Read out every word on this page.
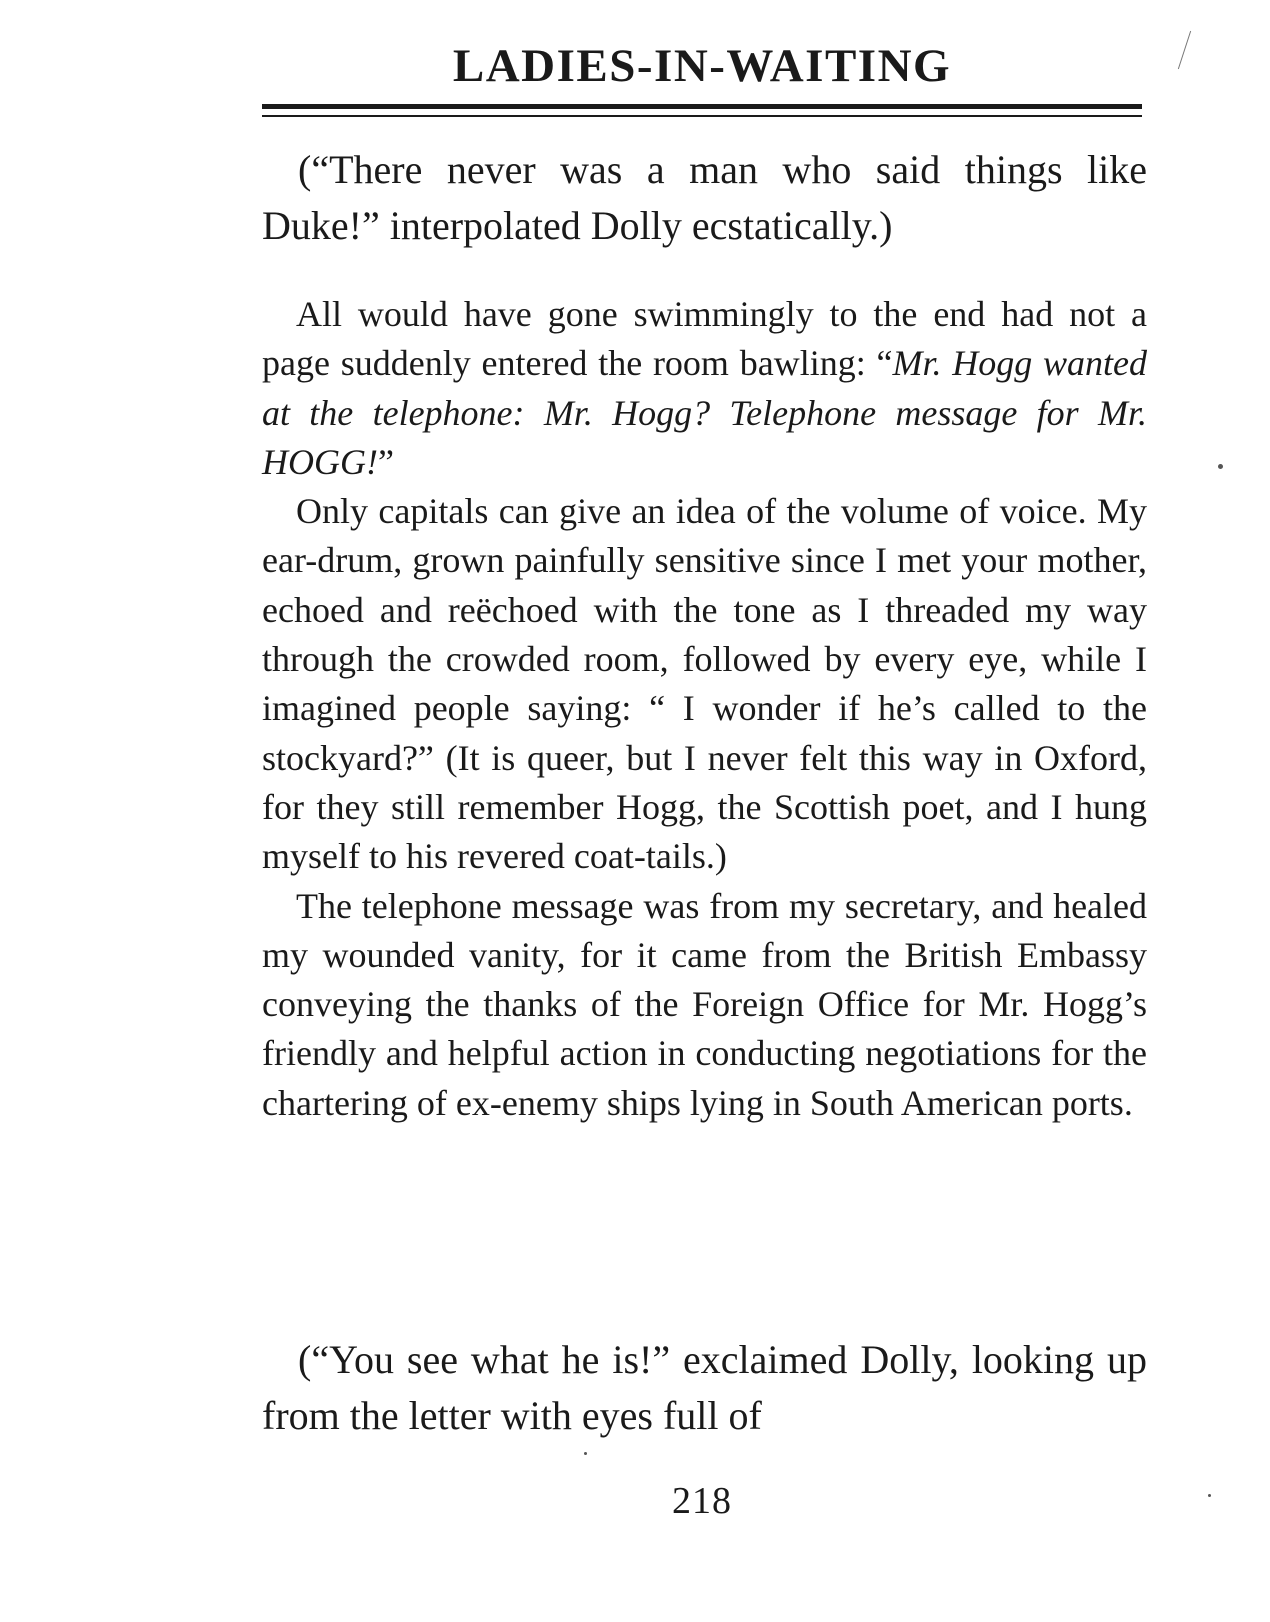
LADIES-IN-WAITING

(“There never was a man who said things like Duke!” interpolated Dolly ecstatically.)

All would have gone swimmingly to the end had not a page suddenly entered the room bawling: “Mr. Hogg wanted at the telephone: Mr. Hogg? Telephone message for Mr. HOGG!”

Only capitals can give an idea of the volume of voice. My ear-drum, grown painfully sensitive since I met your mother, echoed and reëchoed with the tone as I threaded my way through the crowded room, followed by every eye, while I imagined people saying: “ I wonder if he’s called to the stockyard?” (It is queer, but I never felt this way in Oxford, for they still remember Hogg, the Scottish poet, and I hung myself to his revered coat-tails.)

The telephone message was from my secretary, and healed my wounded vanity, for it came from the British Embassy conveying the thanks of the Foreign Office for Mr. Hogg’s friendly and helpful action in conducting negotiations for the chartering of ex-enemy ships lying in South American ports.

(“You see what he is!” exclaimed Dolly, looking up from the letter with eyes full of

218
